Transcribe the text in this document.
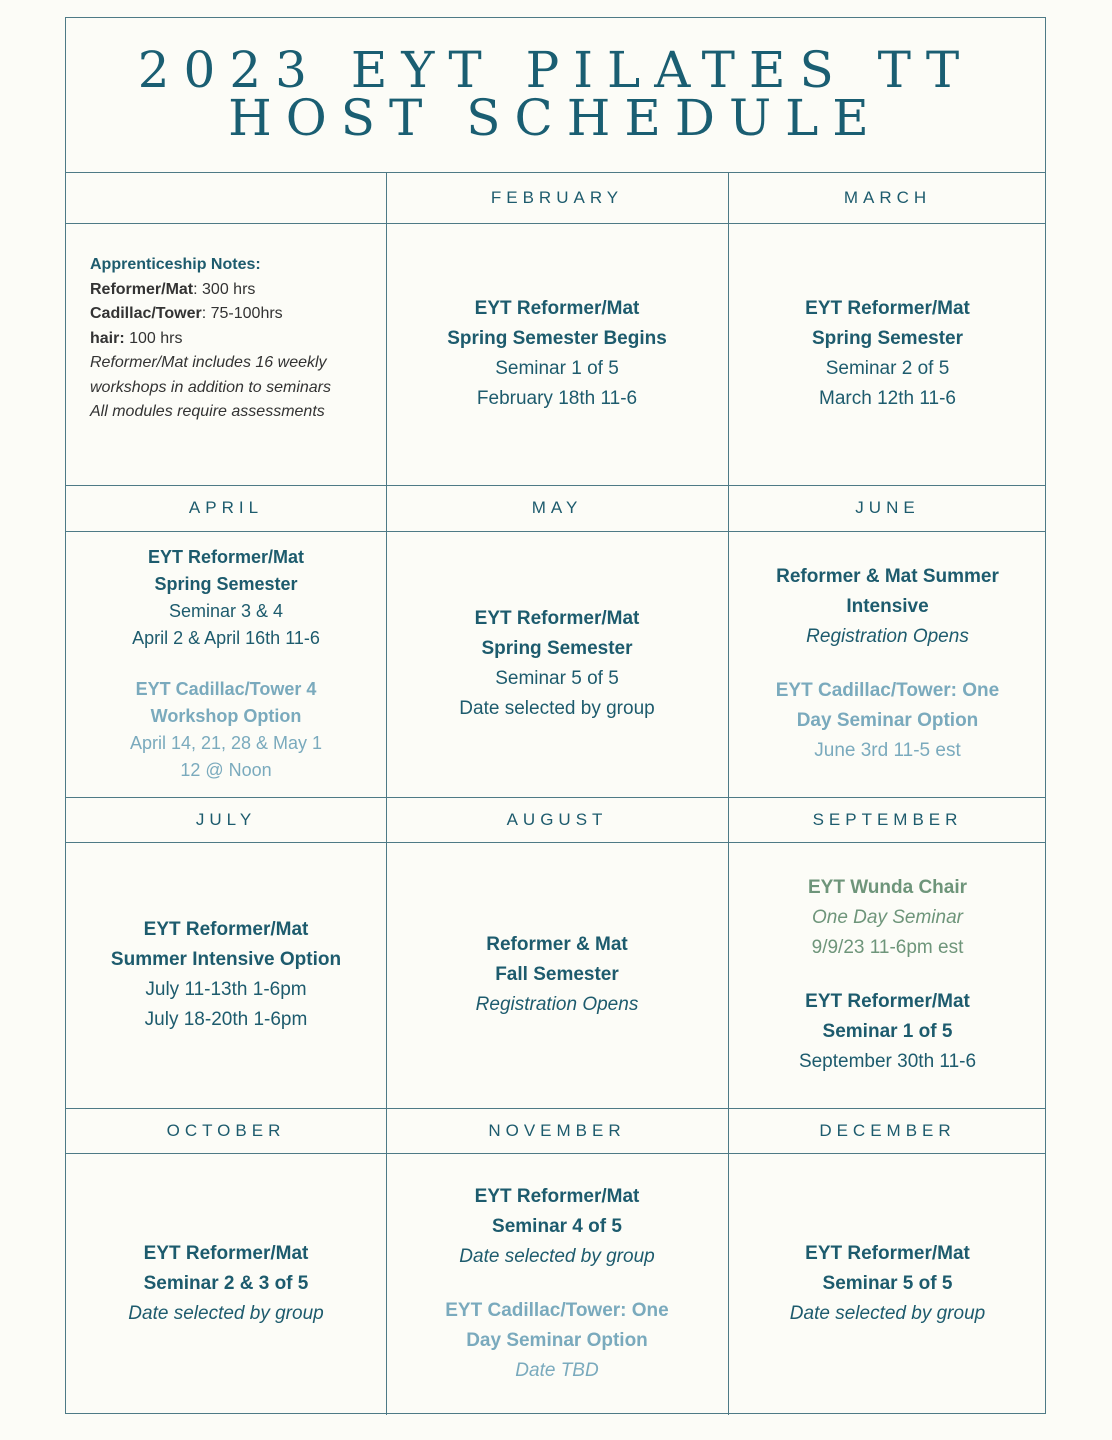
2023 EYT PILATES TT
HOST SCHEDULE
Apprenticeship Notes:
Reformer/Mat: 300 hrs
Cadillac/Tower: 75-100hrs
hair: 100 hrs
Reformer/Mat includes 16 weekly
workshops in addition to seminars
All modules require assessments
FEBRUARY
EYT Reformer/Mat
Spring Semester Begins
Seminar 1 of 5
February 18th 11-6
MARCH
EYT Reformer/Mat
Spring Semester
Seminar 2 of 5
March 12th 11-6
APRIL
EYT Reformer/Mat
Spring Semester
Seminar 3 & 4
April 2 & April 16th 11-6
EYT Cadillac/Tower 4
Workshop Option
April 14, 21, 28 & May 1
12 @ Noon
MAY
EYT Reformer/Mat
Spring Semester
Seminar 5 of 5
Date selected by group
JUNE
Reformer & Mat Summer
Intensive
Registration Opens
EYT Cadillac/Tower: One
Day Seminar Option
June 3rd 11-5 est
JULY
EYT Reformer/Mat
Summer Intensive Option
July 11-13th 1-6pm
July 18-20th 1-6pm
AUGUST
Reformer & Mat
Fall Semester
Registration Opens
SEPTEMBER
EYT Wunda Chair
One Day Seminar
9/9/23 11-6pm est
EYT Reformer/Mat
Seminar 1 of 5
September 30th 11-6
OCTOBER
EYT Reformer/Mat
Seminar 2 & 3 of 5
Date selected by group
NOVEMBER
EYT Reformer/Mat
Seminar 4 of 5
Date selected by group
EYT Cadillac/Tower: One
Day Seminar Option
Date TBD
DECEMBER
EYT Reformer/Mat
Seminar 5 of 5
Date selected by group
